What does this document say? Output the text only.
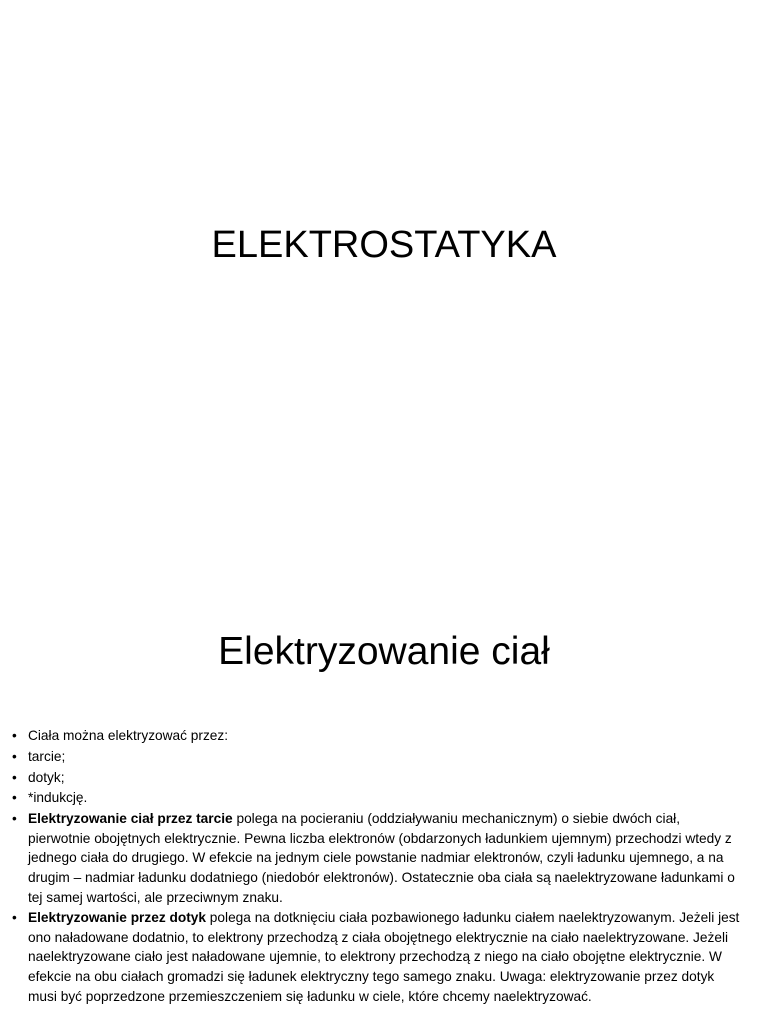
ELEKTROSTATYKA
Elektryzowanie ciał
• Ciała można elektryzować przez:
• tarcie;
• dotyk;
• *indukcję.
• Elektryzowanie ciał przez tarcie polega na pocieraniu (oddziaływaniu mechanicznym) o siebie dwóch ciał, pierwotnie obojętnych elektrycznie. Pewna liczba elektronów (obdarzonych ładunkiem ujemnym) przechodzi wtedy z jednego ciała do drugiego. W efekcie na jednym ciele powstanie nadmiar elektronów, czyli ładunku ujemnego, a na drugim – nadmiar ładunku dodatniego (niedobór elektronów). Ostatecznie oba ciała są naelektryzowane ładunkami o tej samej wartości, ale przeciwnym znaku.
• Elektryzowanie przez dotyk polega na dotknięciu ciała pozbawionego ładunku ciałem naelektryzowanym. Jeżeli jest ono naładowane dodatnio, to elektrony przechodzą z ciała obojętnego elektrycznie na ciało naelektryzowane. Jeżeli naelektryzowane ciało jest naładowane ujemnie, to elektrony przechodzą z niego na ciało obojętne elektrycznie. W efekcie na obu ciałach gromadzi się ładunek elektryczny tego samego znaku. Uwaga: elektryzowanie przez dotyk musi być poprzedzone przemieszczeniem się ładunku w ciele, które chcemy naelektryzować.
